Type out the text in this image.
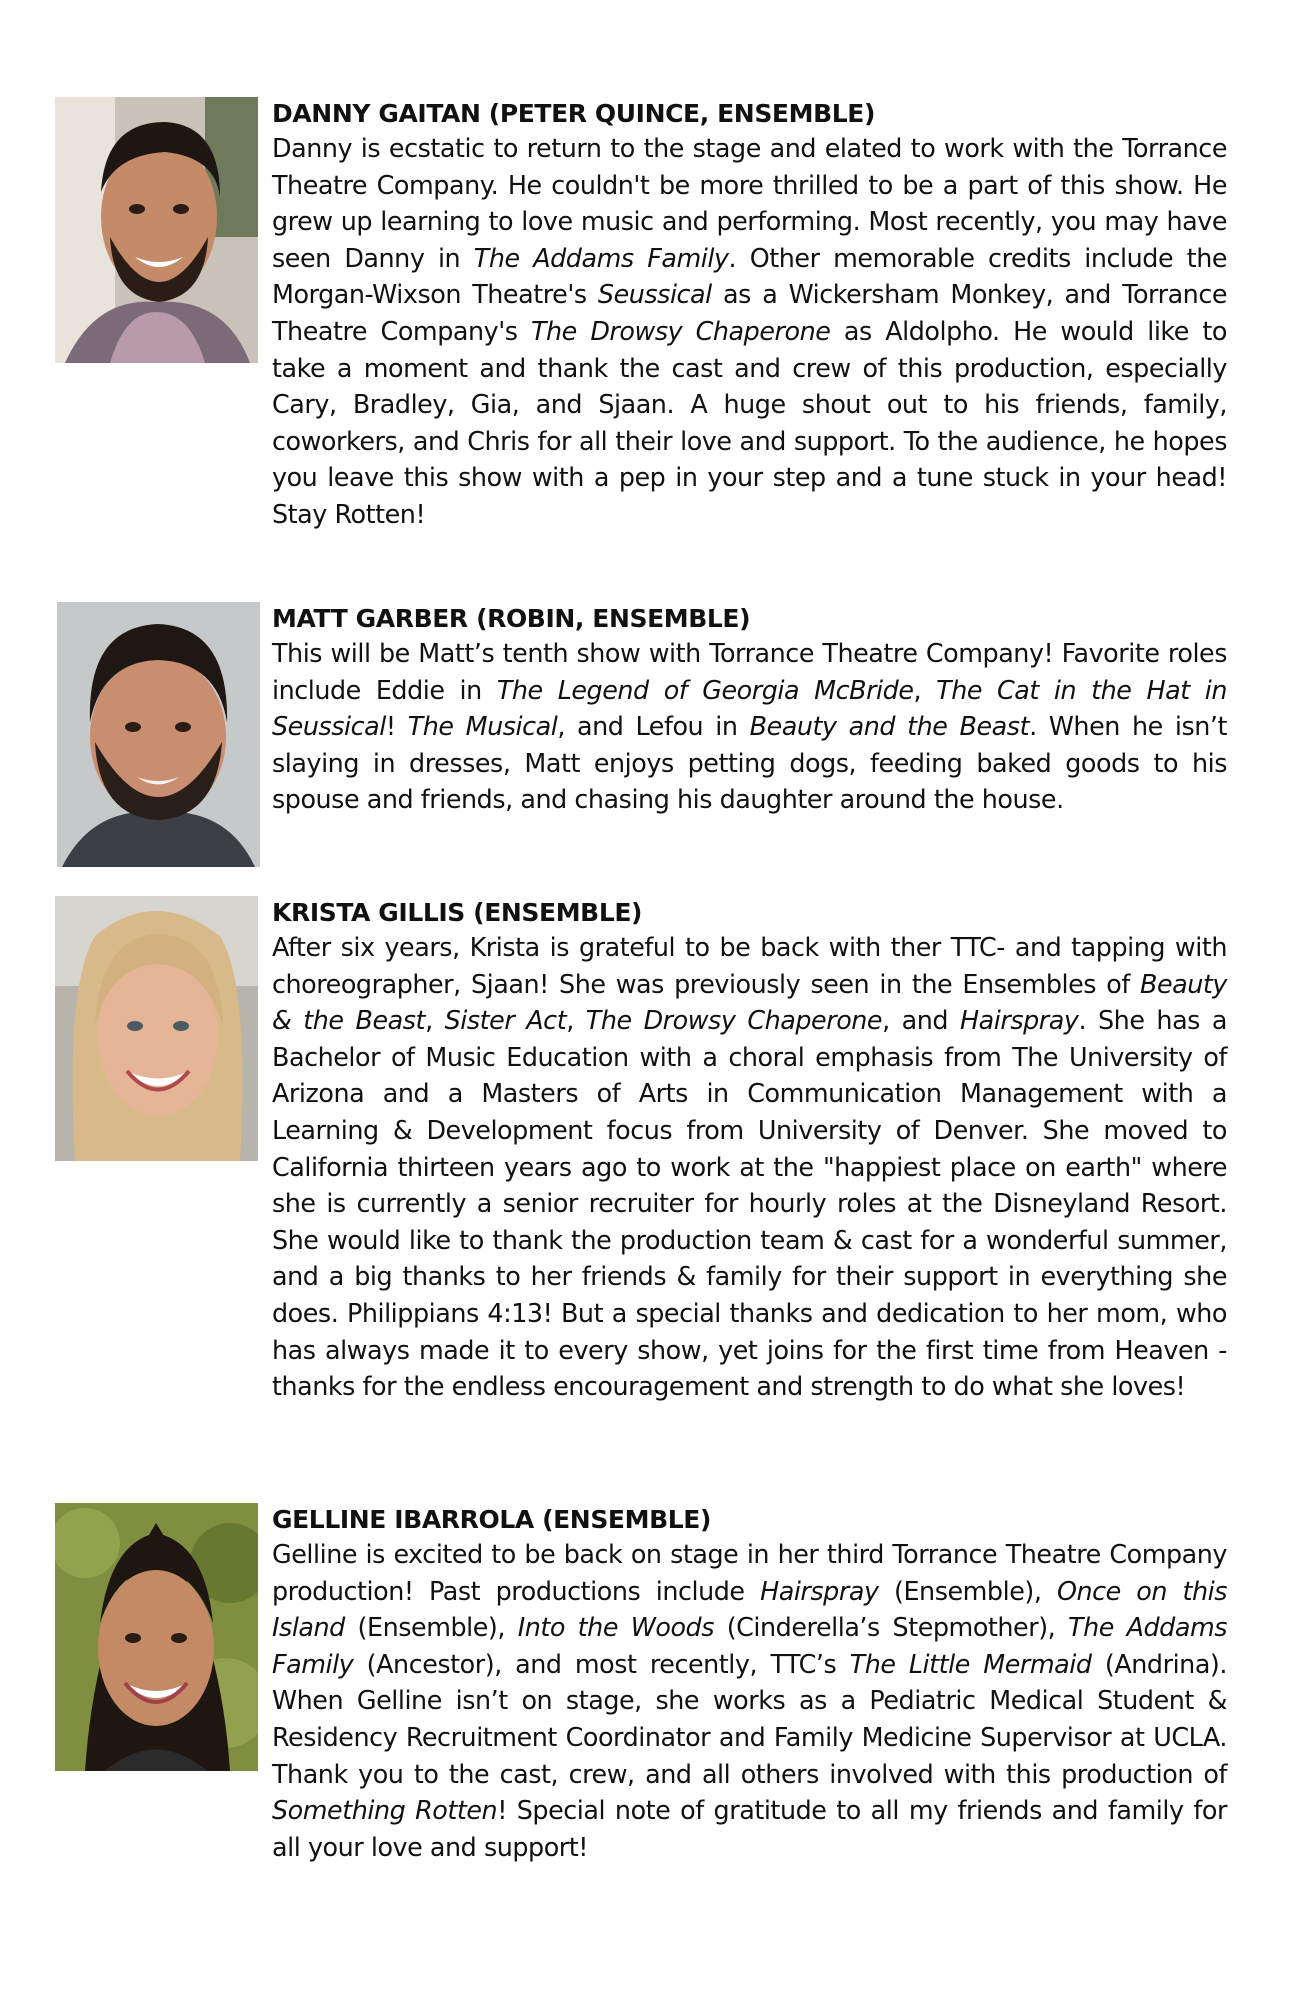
DANNY GAITAN (PETER QUINCE, ENSEMBLE)

Danny is ecstatic to return to the stage and elated to work with the Torrance Theatre Company. He couldn't be more thrilled to be a part of this show. He grew up learning to love music and performing. Most recently, you may have seen Danny in The Addams Family. Other memorable credits include the Morgan-Wixson Theatre's Seussical as a Wickersham Monkey, and Torrance Theatre Company's The Drowsy Chaperone as Aldolpho. He would like to take a moment and thank the cast and crew of this production, especially Cary, Bradley, Gia, and Sjaan. A huge shout out to his friends, family, coworkers, and Chris for all their love and support. To the audience, he hopes you leave this show with a pep in your step and a tune stuck in your head! Stay Rotten!

MATT GARBER (ROBIN, ENSEMBLE)

This will be Matt’s tenth show with Torrance Theatre Company! Favorite roles include Eddie in The Legend of Georgia McBride, The Cat in the Hat in Seussical! The Musical, and Lefou in Beauty and the Beast. When he isn’t slaying in dresses, Matt enjoys petting dogs, feeding baked goods to his spouse and friends, and chasing his daughter around the house.

KRISTA GILLIS (ENSEMBLE)

After six years, Krista is grateful to be back with ther TTC- and tapping with choreographer, Sjaan! She was previously seen in the Ensembles of Beauty & the Beast, Sister Act, The Drowsy Chaperone, and Hairspray. She has a Bachelor of Music Education with a choral emphasis from The University of Arizona and a Masters of Arts in Communication Management with a Learning & Development focus from University of Denver. She moved to California thirteen years ago to work at the "happiest place on earth" where she is currently a senior recruiter for hourly roles at the Disneyland Resort. She would like to thank the production team & cast for a wonderful summer, and a big thanks to her friends & family for their support in everything she does. Philippians 4:13! But a special thanks and dedication to her mom, who has always made it to every show, yet joins for the first time from Heaven - thanks for the endless encouragement and strength to do what she loves!

GELLINE IBARROLA (ENSEMBLE)

Gelline is excited to be back on stage in her third Torrance Theatre Company production! Past productions include Hairspray (Ensemble), Once on this Island (Ensemble), Into the Woods (Cinderella’s Stepmother), The Addams Family (Ancestor), and most recently, TTC’s The Little Mermaid (Andrina). When Gelline isn’t on stage, she works as a Pediatric Medical Student & Residency Recruitment Coordinator and Family Medicine Supervisor at UCLA. Thank you to the cast, crew, and all others involved with this production of Something Rotten! Special note of gratitude to all my friends and family for all your love and support!
